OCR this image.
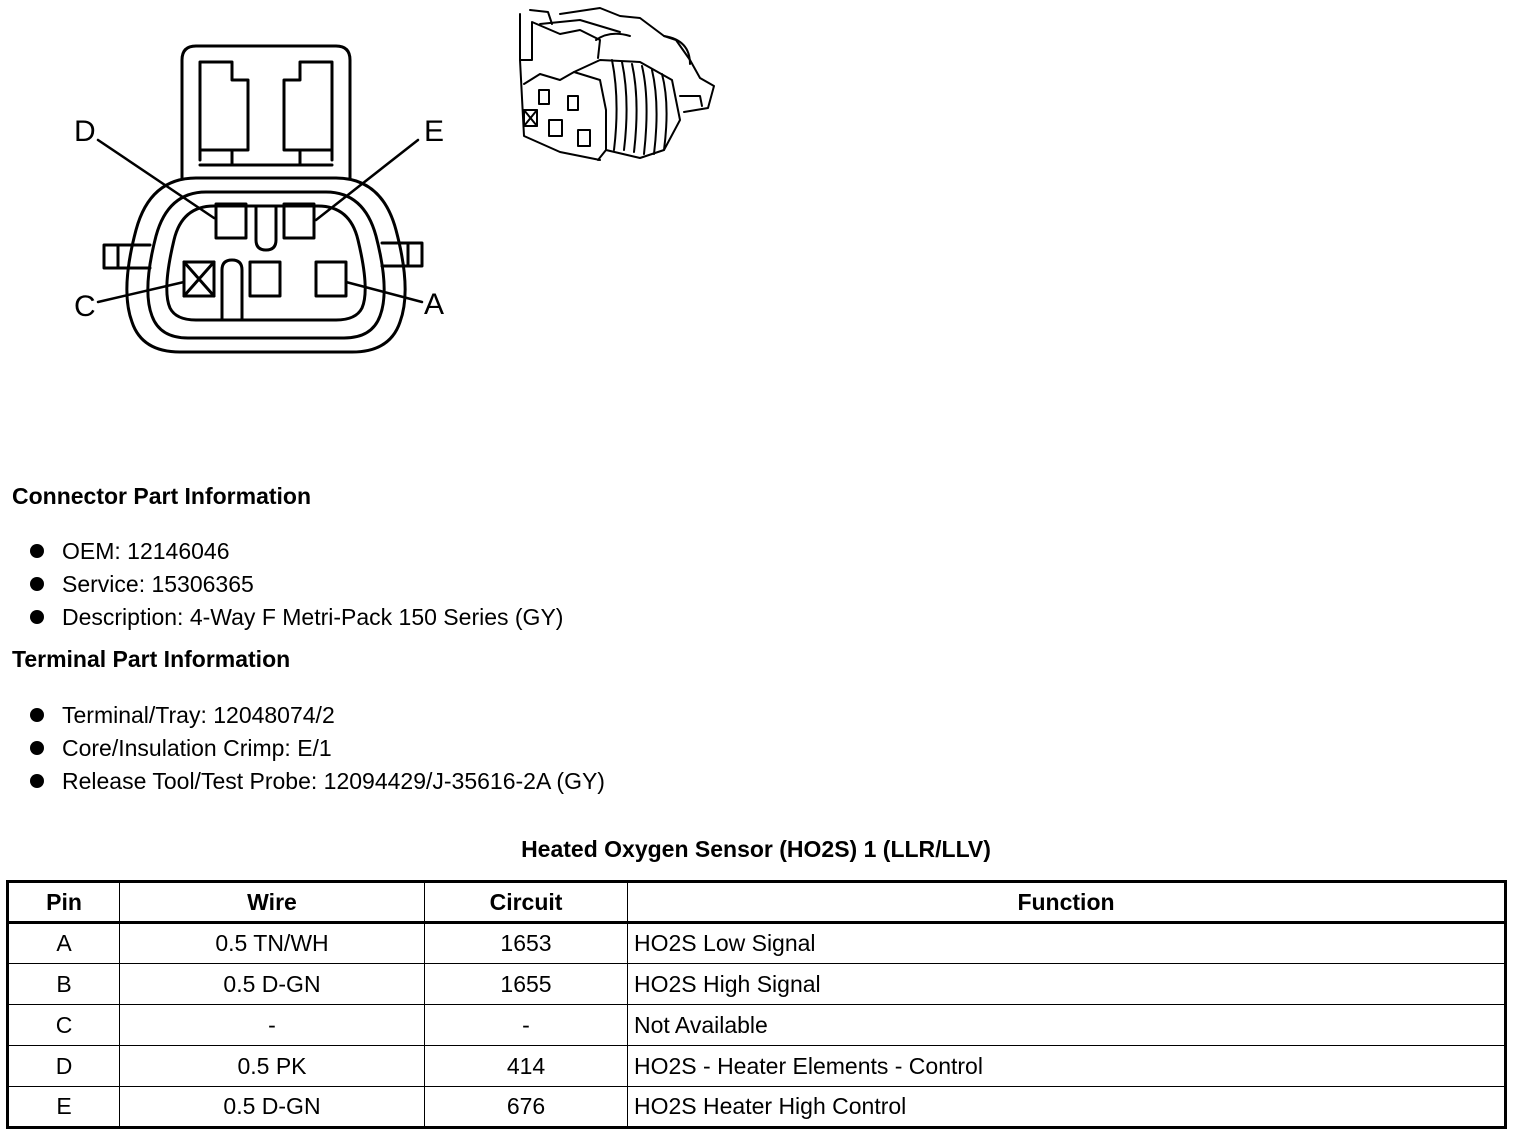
D	E
C	A
Connector Part Information
OEM: 12146046
Service: 15306365
Description: 4-Way F Metri-Pack 150 Series (GY)
Terminal Part Information
Terminal/Tray: 12048074/2
Core/Insulation Crimp: E/1
Release Tool/Test Probe: 12094429/J-35616-2A (GY)
Heated Oxygen Sensor (HO2S) 1 (LLR/LLV)
Pin	Wire	Circuit	Function
A	0.5 TN/WH	1653	HO2S Low Signal
B	0.5 D-GN	1655	HO2S High Signal
C	-	-	Not Available
D	0.5 PK	414	HO2S - Heater Elements - Control
E	0.5 D-GN	676	HO2S Heater High Control
